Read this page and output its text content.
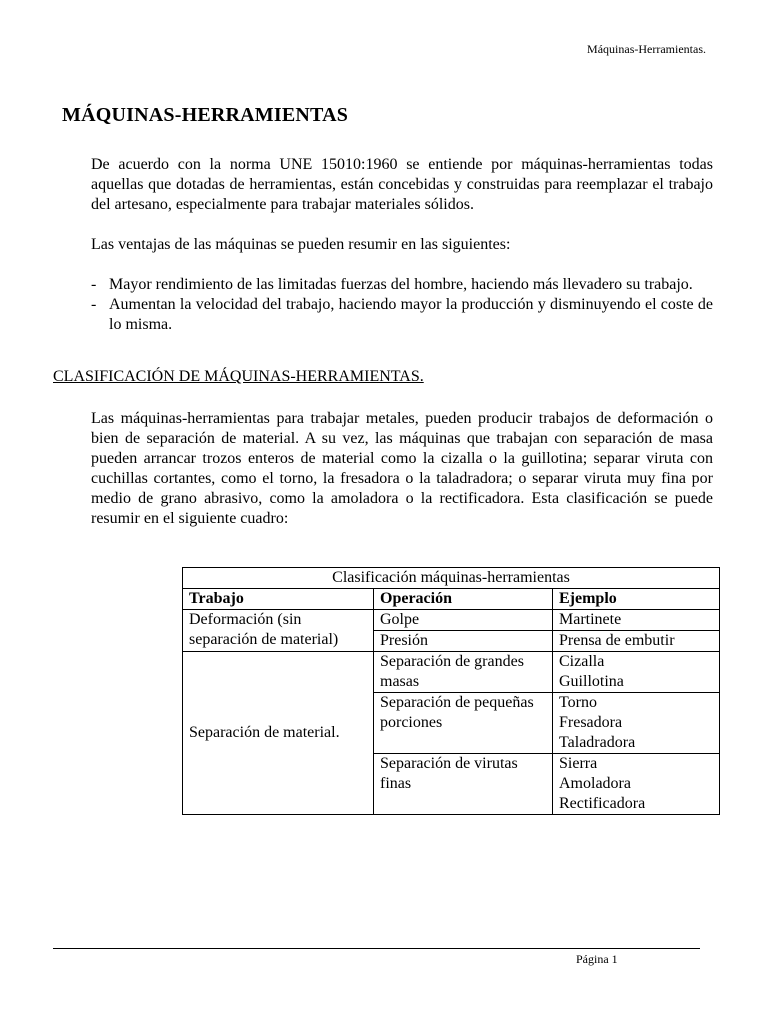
Máquinas-Herramientas.
MÁQUINAS-HERRAMIENTAS

De acuerdo con la norma UNE 15010:1960 se entiende por máquinas-herramientas todas aquellas que dotadas de herramientas, están concebidas y construidas para reemplazar el trabajo del artesano, especialmente para trabajar materiales sólidos.

Las ventajas de las máquinas se pueden resumir en las siguientes:

- Mayor rendimiento de las limitadas fuerzas del hombre, haciendo más llevadero su trabajo.
- Aumentan la velocidad del trabajo, haciendo mayor la producción y disminuyendo el coste de lo misma.
CLASIFICACIÓN DE MÁQUINAS-HERRAMIENTAS.

Las máquinas-herramientas para trabajar metales, pueden producir trabajos de deformación o bien de separación de material. A su vez, las máquinas que trabajan con separación de masa pueden arrancar trozos enteros de material como la cizalla o la guillotina; separar viruta con cuchillas cortantes, como el torno, la fresadora o la taladradora; o separar viruta muy fina por medio de grano abrasivo, como la amoladora o la rectificadora. Esta clasificación se puede resumir en el siguiente cuadro:

Clasificación máquinas-herramientas		
Trabajo	Operación	Ejemplo
Deformación (sin separación de material)	Golpe	Martinete
	Presión	Prensa de embutir
Separación de material.	Separación de grandes masas	Cizalla
Guillotina

	Separación de pequeñas porciones	Torno
Fresadora
Taladradora

	Separación de virutas finas	Sierra
Amoladora
Rectificadora
Página 1
